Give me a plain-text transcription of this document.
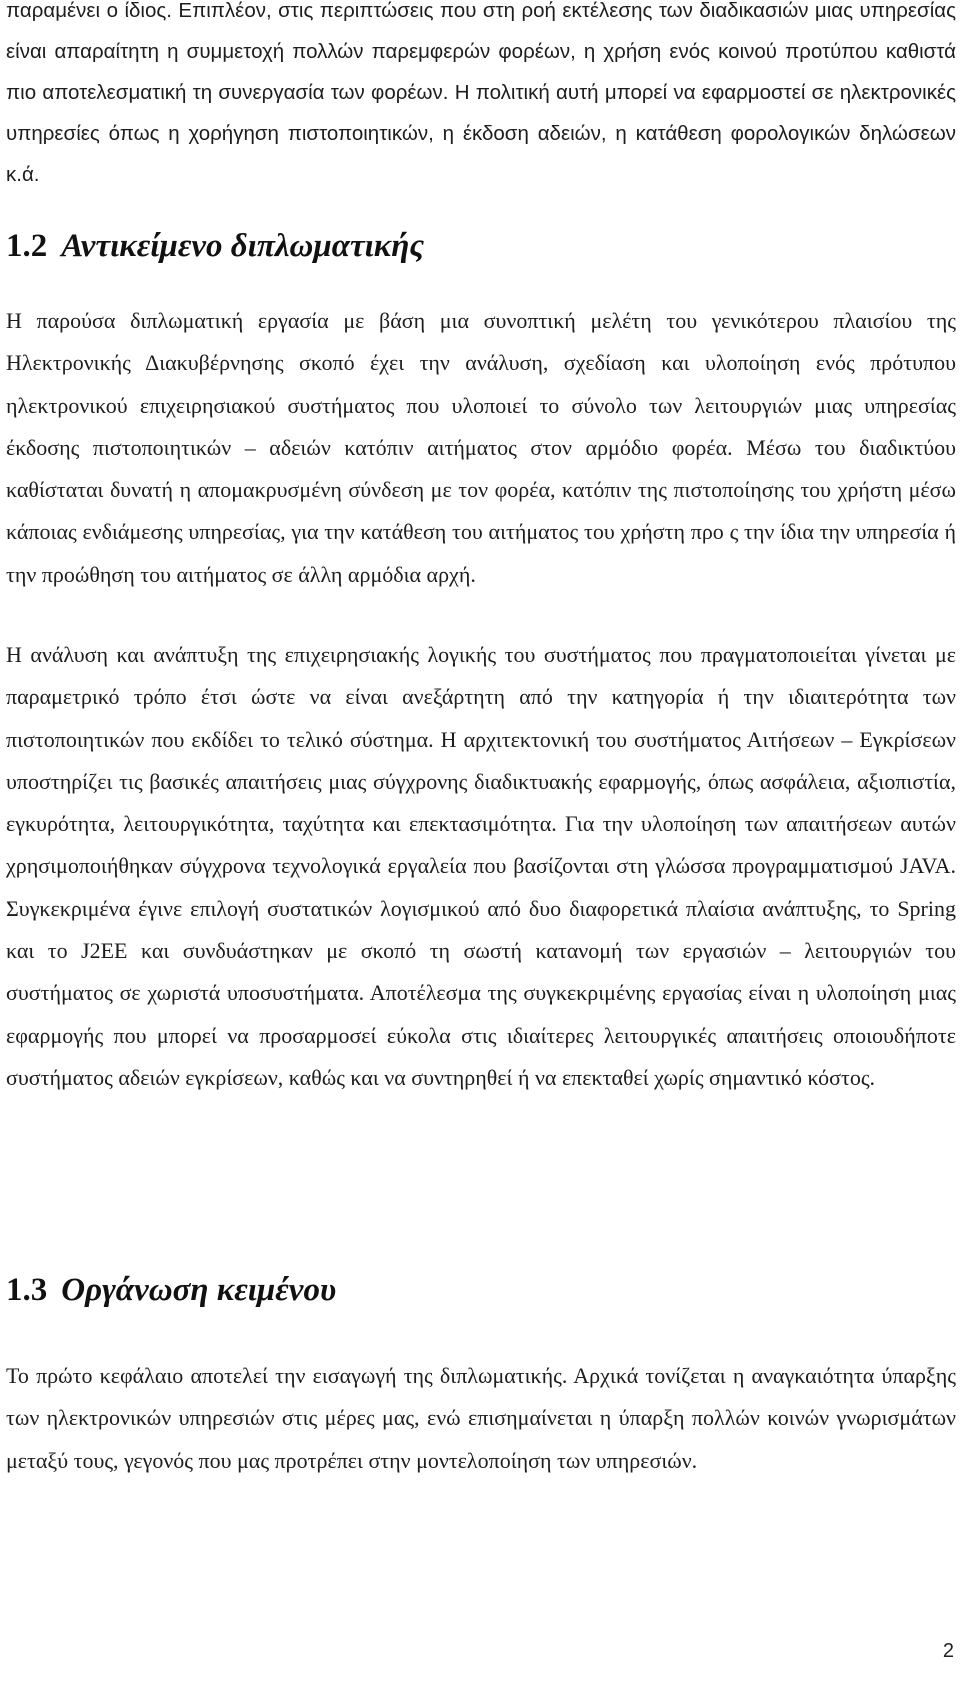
παραμένει ο ίδιος. Επιπλέον, στις περιπτώσεις που στη ροή εκτέλεσης των διαδικασιών μιας υπηρεσίας είναι απαραίτητη η συμμετοχή πολλών παρεμφερών φορέων, η χρήση ενός κοινού προτύπου καθιστά πιο αποτελεσματική τη συνεργασία των φορέων. Η πολιτική αυτή μπορεί να εφαρμοστεί σε ηλεκτρονικές υπηρεσίες όπως η χορήγηση πιστοποιητικών, η έκδοση αδειών, η κατάθεση φορολογικών δηλώσεων κ.ά.

1.2 Αντικείμενο διπλωματικής

Η παρούσα διπλωματική εργασία με βάση μια συνοπτική μελέτη του γενικότερου πλαισίου της Ηλεκτρονικής Διακυβέρνησης σκοπό έχει την ανάλυση, σχεδίαση και υλοποίηση ενός πρότυπου ηλεκτρονικού επιχειρησιακού συστήματος που υλοποιεί το σύνολο των λειτουργιών μιας υπηρεσίας έκδοσης πιστοποιητικών – αδειών κατόπιν αιτήματος στον αρμόδιο φορέα. Μέσω του διαδικτύου καθίσταται δυνατή η απομακρυσμένη σύνδεση με τον φορέα, κατόπιν της πιστοποίησης του χρήστη μέσω κάποιας ενδιάμεσης υπηρεσίας, για την κατάθεση του αιτήματος του χρήστη προ ς την ίδια την υπηρεσία ή την προώθηση του αιτήματος σε άλλη αρμόδια αρχή.

Η ανάλυση και ανάπτυξη της επιχειρησιακής λογικής του συστήματος που πραγματοποιείται γίνεται με παραμετρικό τρόπο έτσι ώστε να είναι ανεξάρτητη από την κατηγορία ή την ιδιαιτερότητα των πιστοποιητικών που εκδίδει το τελικό σύστημα. Η αρχιτεκτονική του συστήματος Αιτήσεων – Εγκρίσεων υποστηρίζει τις βασικές απαιτήσεις μιας σύγχρονης διαδικτυακής εφαρμογής, όπως ασφάλεια, αξιοπιστία, εγκυρότητα, λειτουργικότητα, ταχύτητα και επεκτασιμότητα. Για την υλοποίηση των απαιτήσεων αυτών χρησιμοποιήθηκαν σύγχρονα τεχνολογικά εργαλεία που βασίζονται στη γλώσσα προγραμματισμού JAVA. Συγκεκριμένα έγινε επιλογή συστατικών λογισμικού από δυο διαφορετικά πλαίσια ανάπτυξης, το Spring και το J2EE και συνδυάστηκαν με σκοπό τη σωστή κατανομή των εργασιών – λειτουργιών του συστήματος σε χωριστά υποσυστήματα. Αποτέλεσμα της συγκεκριμένης εργασίας είναι η υλοποίηση μιας εφαρμογής που μπορεί να προσαρμοσεί εύκολα στις ιδιαίτερες λειτουργικές απαιτήσεις οποιουδήποτε συστήματος αδειών εγκρίσεων, καθώς και να συντηρηθεί ή να επεκταθεί χωρίς σημαντικό κόστος.

1.3 Οργάνωση κειμένου

Το πρώτο κεφάλαιο αποτελεί την εισαγωγή της διπλωματικής. Αρχικά τονίζεται η αναγκαιότητα ύπαρξης των ηλεκτρονικών υπηρεσιών στις μέρες μας, ενώ επισημαίνεται η ύπαρξη πολλών κοινών γνωρισμάτων μεταξύ τους, γεγονός που μας προτρέπει στην μοντελοποίηση των υπηρεσιών.

2
